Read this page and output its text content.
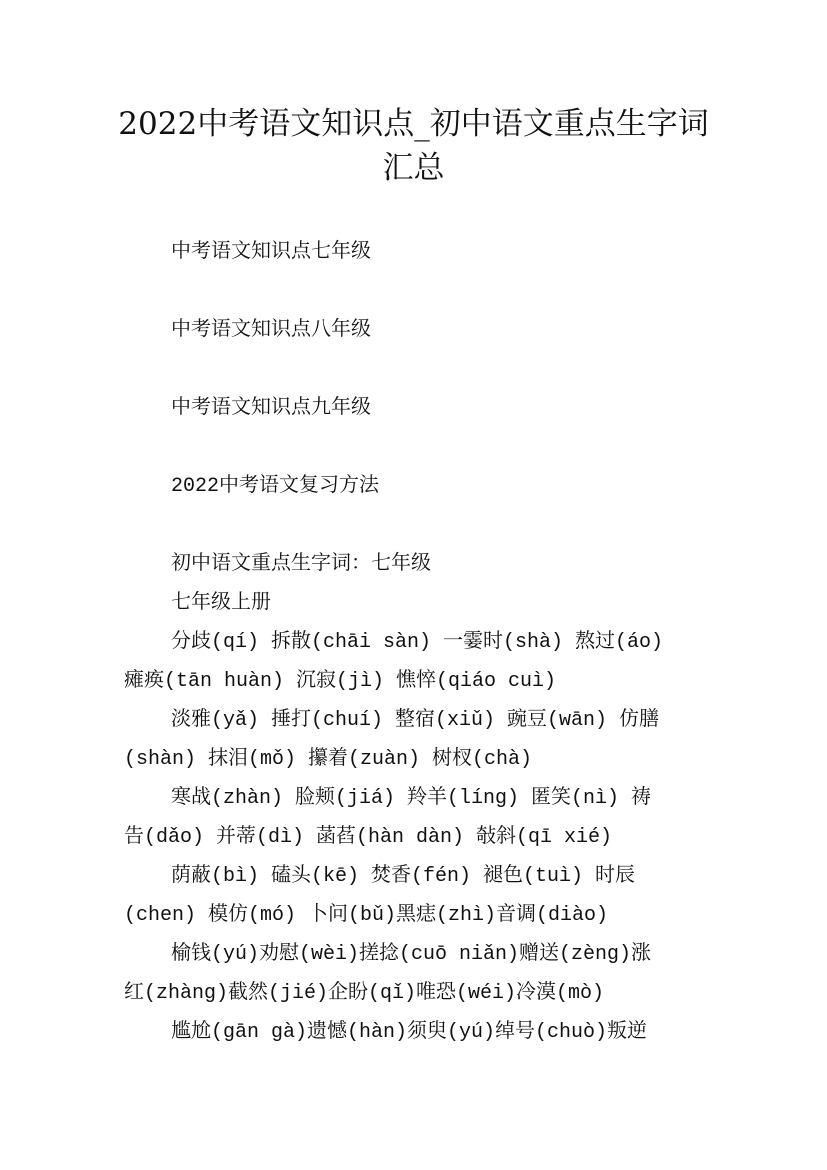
2022中考语文知识点_初中语文重点生字词
汇总
中考语文知识点七年级
中考语文知识点八年级
中考语文知识点九年级
2022中考语文复习方法
初中语文重点生字词：七年级
七年级上册
分歧(qí) 拆散(chāi sàn) 一霎时(shà) 熬过(áo)
瘫痪(tān huàn) 沉寂(jì) 憔悴(qiáo cuì)
淡雅(yǎ) 捶打(chuí) 整宿(xiǔ) 豌豆(wān) 仿膳
(shàn) 抹泪(mǒ) 攥着(zuàn) 树杈(chà)
寒战(zhàn) 脸颊(jiá) 羚羊(líng) 匿笑(nì) 祷
告(dǎo) 并蒂(dì) 菡萏(hàn dàn) 敧斜(qī xié)
荫蔽(bì) 磕头(kē) 焚香(fén) 褪色(tuì) 时辰
(chen) 模仿(mó) 卜问(bǔ)黑痣(zhì)音调(diào)
榆钱(yú)劝慰(wèi)搓捻(cuō niǎn)赠送(zèng)涨
红(zhàng)截然(jié)企盼(qǐ)唯恐(wéi)冷漠(mò)
尴尬(gān gà)遗憾(hàn)须臾(yú)绰号(chuò)叛逆
